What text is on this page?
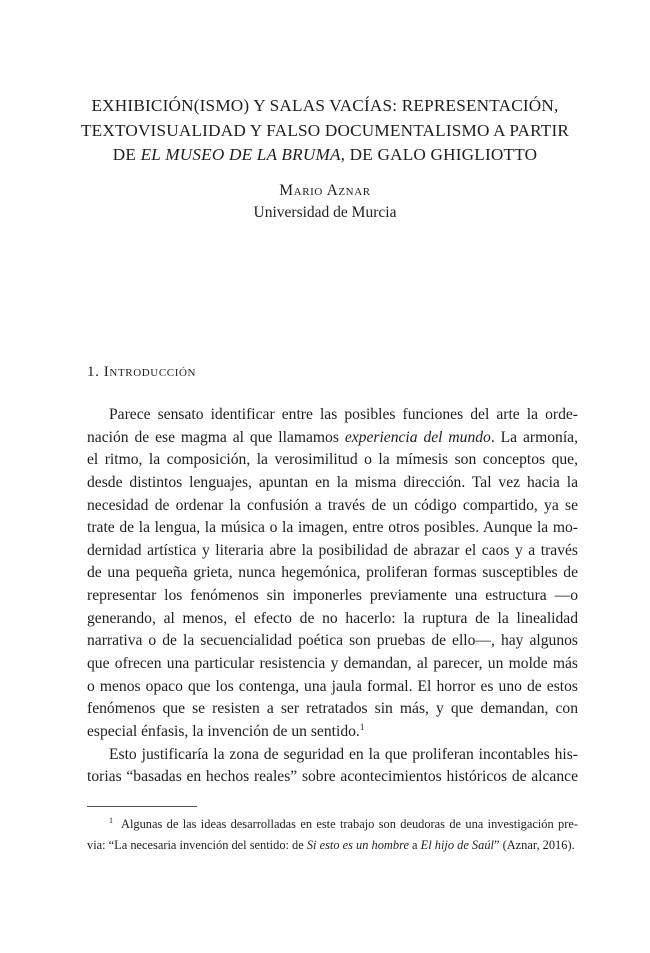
EXHIBICIÓN(ISMO) Y SALAS VACÍAS: REPRESENTACIÓN,
TEXTOVISUALIDAD Y FALSO DOCUMENTALISMO A PARTIR
DE EL MUSEO DE LA BRUMA, DE GALO GHIGLIOTTO
Mario Aznar
Universidad de Murcia
1. Introducción
Parece sensato identificar entre las posibles funciones del arte la orde-
nación de ese magma al que llamamos experiencia del mundo. La armonía,
el ritmo, la composición, la verosimilitud o la mímesis son conceptos que,
desde distintos lenguajes, apuntan en la misma dirección. Tal vez hacia la
necesidad de ordenar la confusión a través de un código compartido, ya se
trate de la lengua, la música o la imagen, entre otros posibles. Aunque la mo-
dernidad artística y literaria abre la posibilidad de abrazar el caos y a través
de una pequeña grieta, nunca hegemónica, proliferan formas susceptibles de
representar los fenómenos sin imponerles previamente una estructura —o
generando, al menos, el efecto de no hacerlo: la ruptura de la linealidad
narrativa o de la secuencialidad poética son pruebas de ello—, hay algunos
que ofrecen una particular resistencia y demandan, al parecer, un molde más
o menos opaco que los contenga, una jaula formal. El horror es uno de estos
fenómenos que se resisten a ser retratados sin más, y que demandan, con
especial énfasis, la invención de un sentido.$^1$
Esto justificaría la zona de seguridad en la que proliferan incontables his-
torias “basadas en hechos reales” sobre acontecimientos históricos de alcance
$^1$ Algunas de las ideas desarrolladas en este trabajo son deudoras de una investigación pre-
via: “La necesaria invención del sentido: de Si esto es un hombre a El hijo de Saúl” (Aznar, 2016).
